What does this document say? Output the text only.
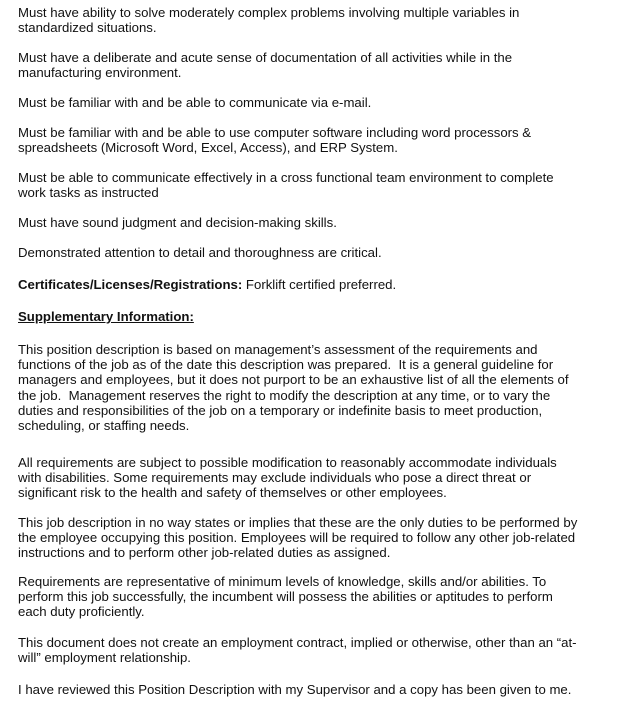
Must have ability to solve moderately complex problems involving multiple variables in
standardized situations.

Must have a deliberate and acute sense of documentation of all activities while in the
manufacturing environment.

Must be familiar with and be able to communicate via e-mail.

Must be familiar with and be able to use computer software including word processors &
spreadsheets (Microsoft Word, Excel, Access), and ERP System.

Must be able to communicate effectively in a cross functional team environment to complete
work tasks as instructed

Must have sound judgment and decision-making skills.

Demonstrated attention to detail and thoroughness are critical.

Certificates/Licenses/Registrations: Forklift certified preferred.

Supplementary Information:

This position description is based on management’s assessment of the requirements and
functions of the job as of the date this description was prepared.  It is a general guideline for
managers and employees, but it does not purport to be an exhaustive list of all the elements of
the job.  Management reserves the right to modify the description at any time, or to vary the
duties and responsibilities of the job on a temporary or indefinite basis to meet production,
scheduling, or staffing needs.

All requirements are subject to possible modification to reasonably accommodate individuals
with disabilities. Some requirements may exclude individuals who pose a direct threat or
significant risk to the health and safety of themselves or other employees.

This job description in no way states or implies that these are the only duties to be performed by
the employee occupying this position. Employees will be required to follow any other job-related
instructions and to perform other job-related duties as assigned.

Requirements are representative of minimum levels of knowledge, skills and/or abilities. To
perform this job successfully, the incumbent will possess the abilities or aptitudes to perform
each duty proficiently.

This document does not create an employment contract, implied or otherwise, other than an “at-
will” employment relationship.

I have reviewed this Position Description with my Supervisor and a copy has been given to me.
